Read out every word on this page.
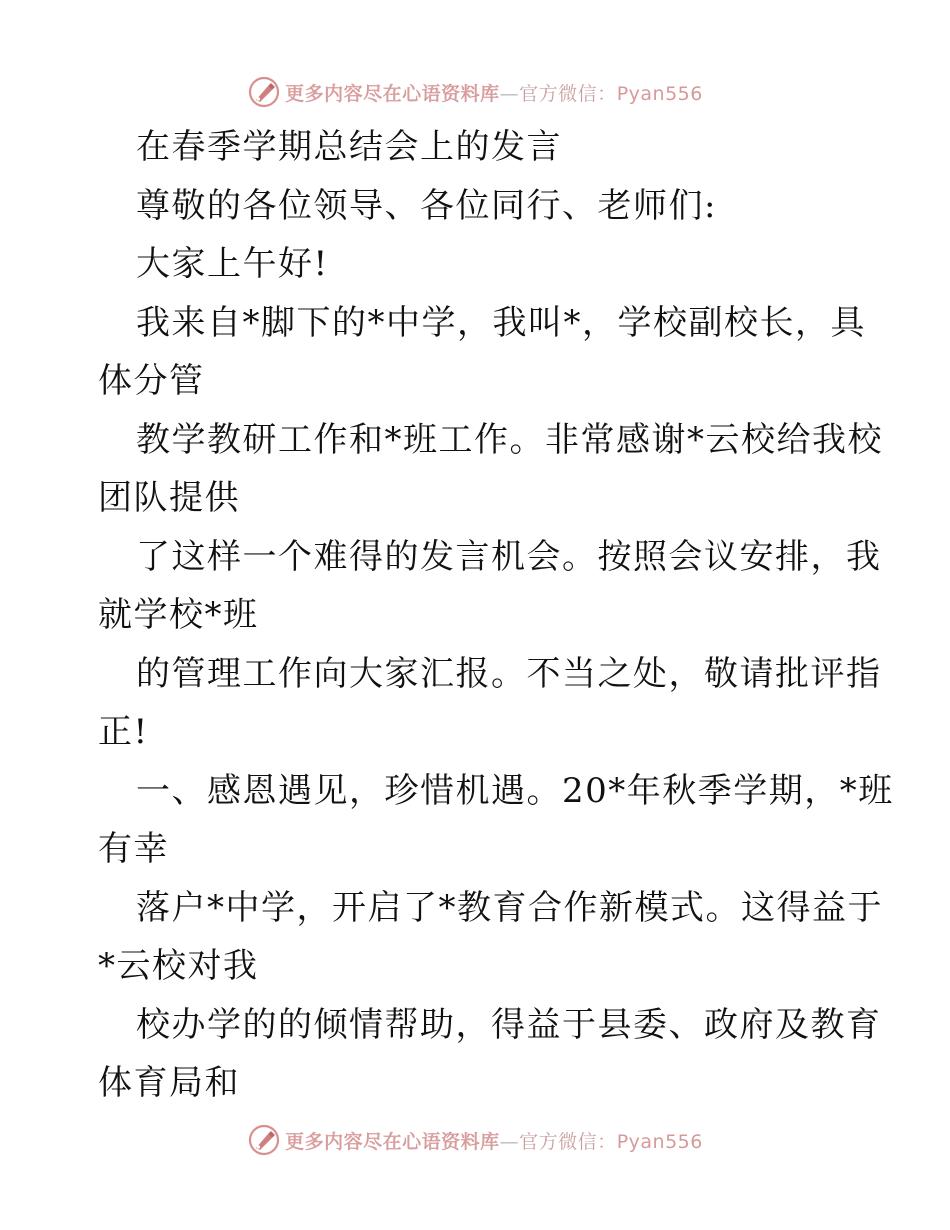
更多内容尽在心语资料库—官方微信：Pyan556
在春季学期总结会上的发言
尊敬的各位领导、各位同行、老师们:
大家上午好!
我来自*脚下的*中学，我叫*，学校副校长，具
体分管
教学教研工作和*班工作。非常感谢*云校给我校
团队提供
了这样一个难得的发言机会。按照会议安排，我
就学校*班
的管理工作向大家汇报。不当之处，敬请批评指
正!
一、感恩遇见，珍惜机遇。20*年秋季学期，*班
有幸
落户*中学，开启了*教育合作新模式。这得益于
*云校对我
校办学的的倾情帮助，得益于县委、政府及教育
体育局和
更多内容尽在心语资料库—官方微信：Pyan556
